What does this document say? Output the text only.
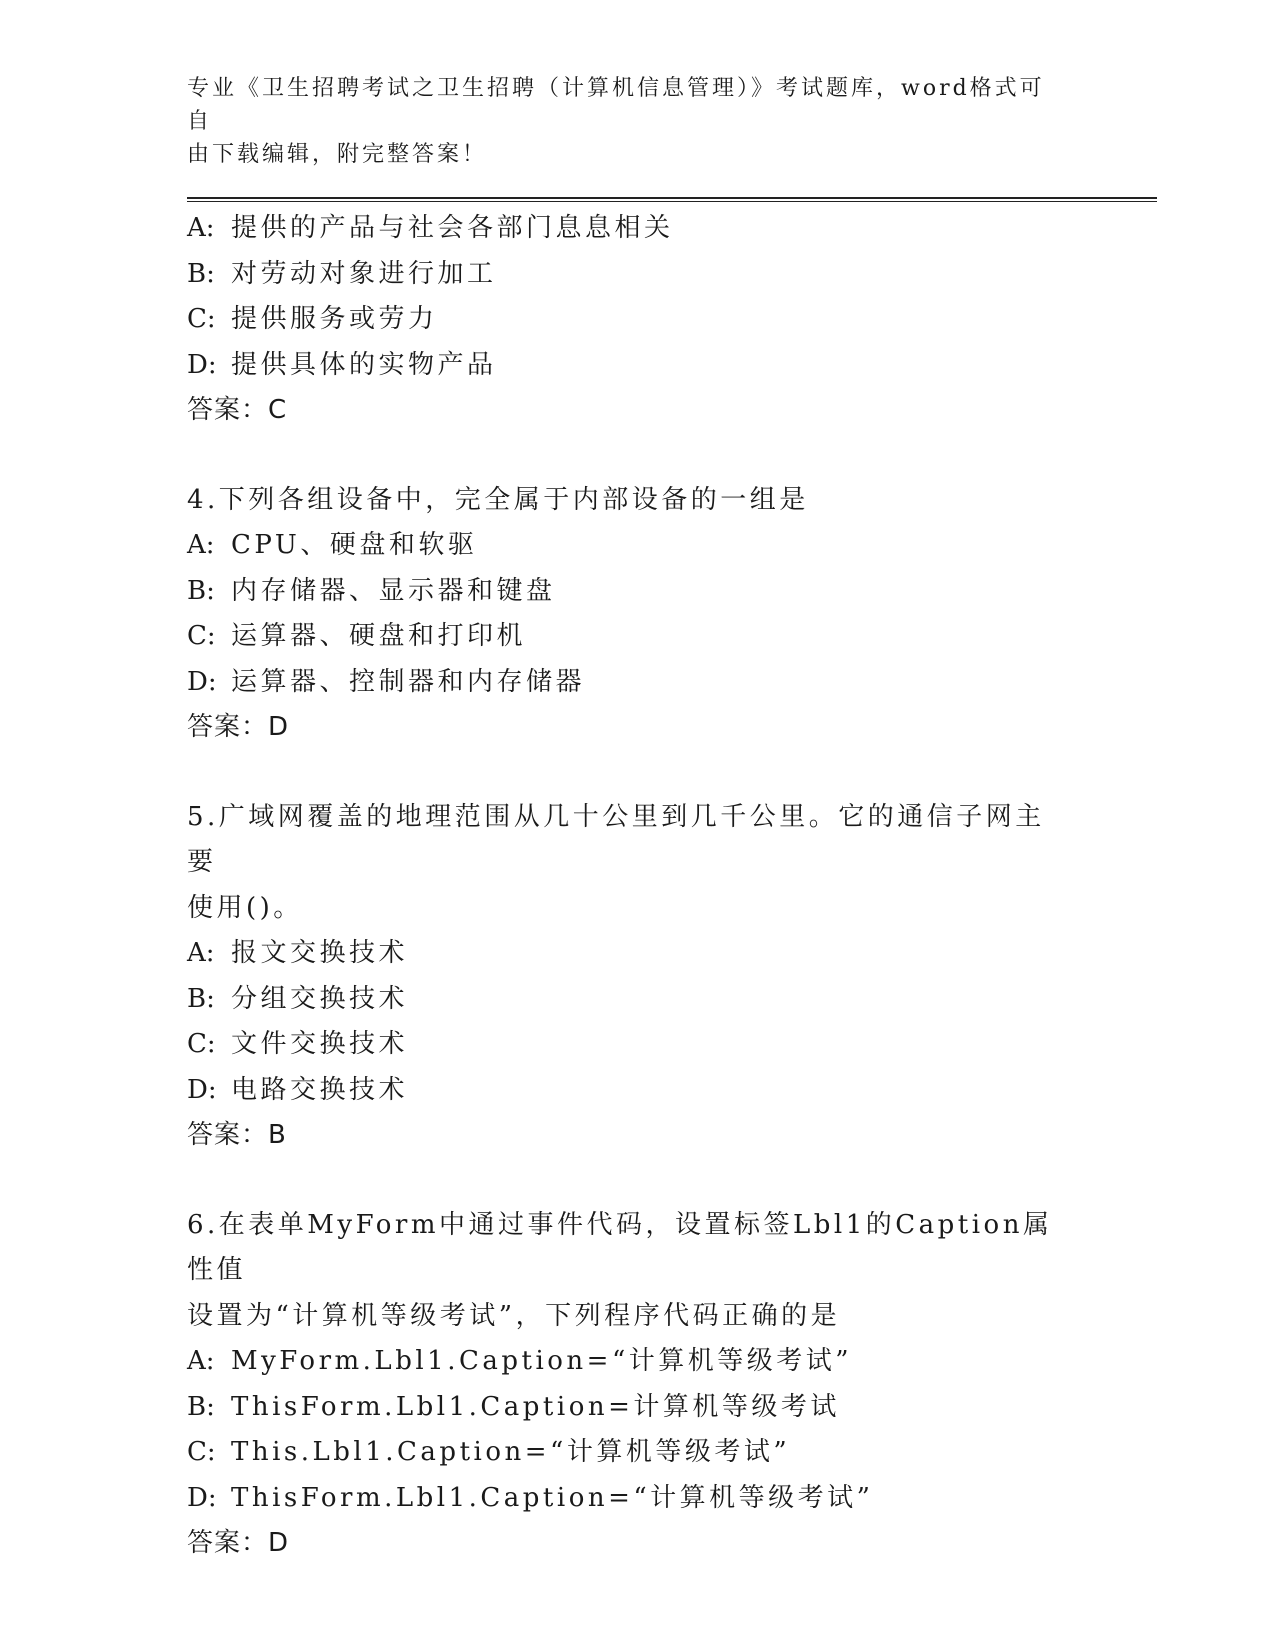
专业《卫生招聘考试之卫生招聘（计算机信息管理）》考试题库，word格式可自
由下载编辑，附完整答案！
A: 提供的产品与社会各部门息息相关
B: 对劳动对象进行加工
C: 提供服务或劳力
D: 提供具体的实物产品
答案：C
4.下列各组设备中，完全属于内部设备的一组是
A: CPU、硬盘和软驱
B: 内存储器、显示器和键盘
C: 运算器、硬盘和打印机
D: 运算器、控制器和内存储器
答案：D
5.广域网覆盖的地理范围从几十公里到几千公里。它的通信子网主要
使用()。
A: 报文交换技术
B: 分组交换技术
C: 文件交换技术
D: 电路交换技术
答案：B
6.在表单MyForm中通过事件代码，设置标签Lbl1的Caption属性值
设置为“计算机等级考试”，下列程序代码正确的是
A: MyForm.Lbl1.Caption=“计算机等级考试”
B: ThisForm.Lbl1.Caption=计算机等级考试
C: This.Lbl1.Caption=“计算机等级考试”
D: ThisForm.Lbl1.Caption=“计算机等级考试”
答案：D
